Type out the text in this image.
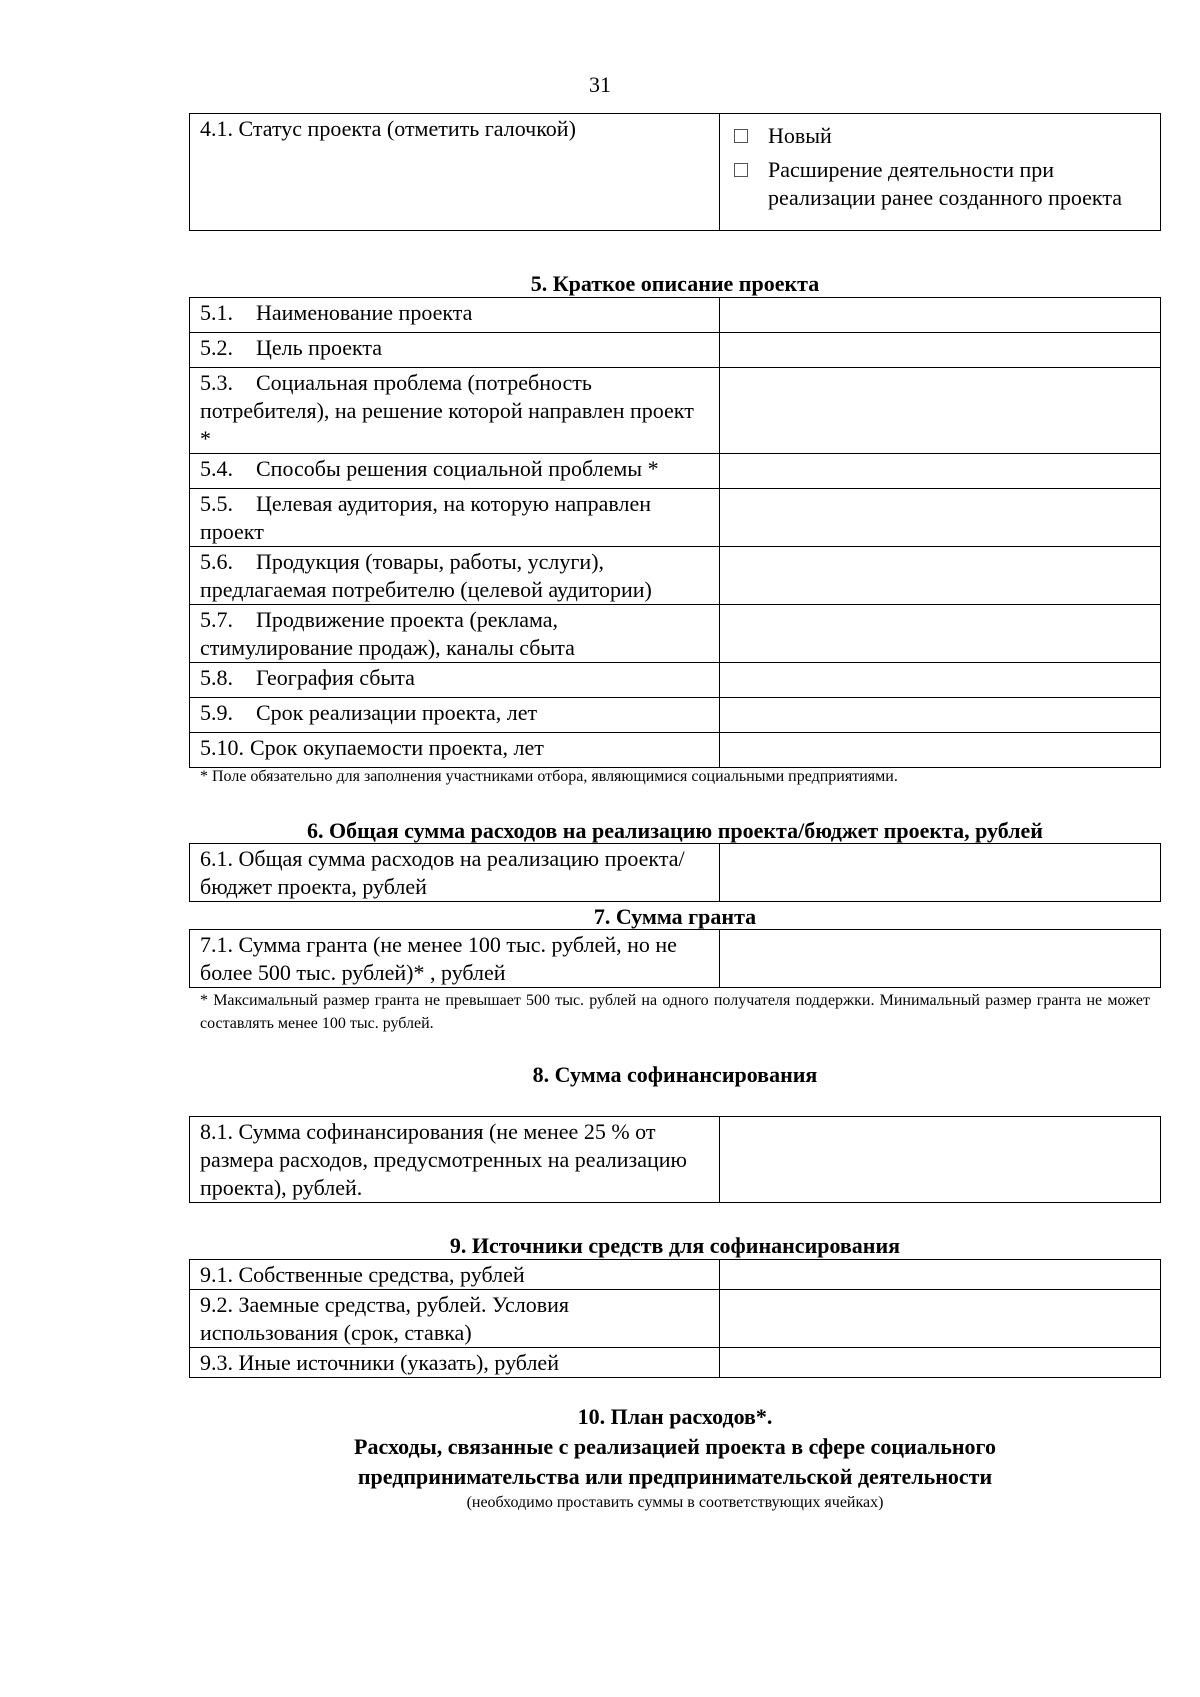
31
4.1. Статус проекта (отметить галочкой)	Новый
Расширение деятельности при реализации ранее созданного проекта
5. Краткое описание проекта
5.1. Наименование проекта	
5.2. Цель проекта	
5.3. Социальная проблема (потребность потребителя), на решение которой направлен проект *	
5.4. Способы решения социальной проблемы *	
5.5. Целевая аудитория, на которую направлен проект	
5.6. Продукция (товары, работы, услуги), предлагаемая потребителю (целевой аудитории)	
5.7. Продвижение проекта (реклама, стимулирование продаж), каналы сбыта	
5.8. География сбыта	
5.9. Срок реализации проекта, лет	
5.10. Срок окупаемости проекта, лет	
* Поле обязательно для заполнения участниками отбора, являющимися социальными предприятиями.
6. Общая сумма расходов на реализацию проекта/бюджет проекта, рублей
6.1. Общая сумма расходов на реализацию проекта/бюджет проекта, рублей	
7. Сумма гранта
7.1. Сумма гранта (не менее 100 тыс. рублей, но не более 500 тыс. рублей)* , рублей	
* Максимальный размер гранта не превышает 500 тыс. рублей на одного получателя поддержки. Минимальный размер гранта не может составлять менее 100 тыс. рублей.
8. Сумма софинансирования
8.1. Сумма софинансирования (не менее 25 % от размера расходов, предусмотренных на реализацию проекта), рублей.	
9. Источники средств для софинансирования
9.1. Собственные средства, рублей	
9.2. Заемные средства, рублей. Условия использования (срок, ставка)	
9.3. Иные источники (указать), рублей	
10. План расходов*.
Расходы, связанные с реализацией проекта в сфере социального
предпринимательства или предпринимательской деятельности
(необходимо проставить суммы в соответствующих ячейках)
